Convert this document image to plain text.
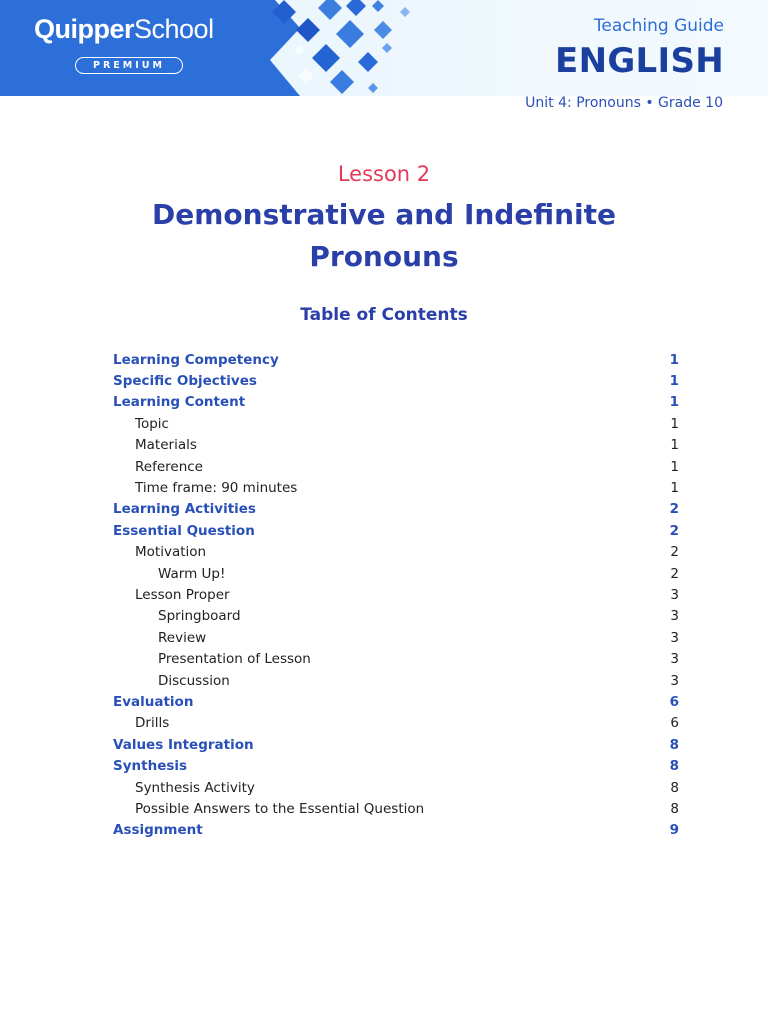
QuipperSchool
PREMIUM
Teaching Guide
ENGLISH
Unit 4: Pronouns • Grade 10
Lesson 2
Demonstrative and Indefinite
Pronouns
Table of Contents
Learning Competency	1
Specific Objectives	1
Learning Content	1
Topic	1
Materials	1
Reference	1
Time frame: 90 minutes	1
Learning Activities	2
Essential Question	2
Motivation	2
Warm Up!	2
Lesson Proper	3
Springboard	3
Review	3
Presentation of Lesson	3
Discussion	3
Evaluation	6
Drills	6
Values Integration	8
Synthesis	8
Synthesis Activity	8
Possible Answers to the Essential Question	8
Assignment	9
